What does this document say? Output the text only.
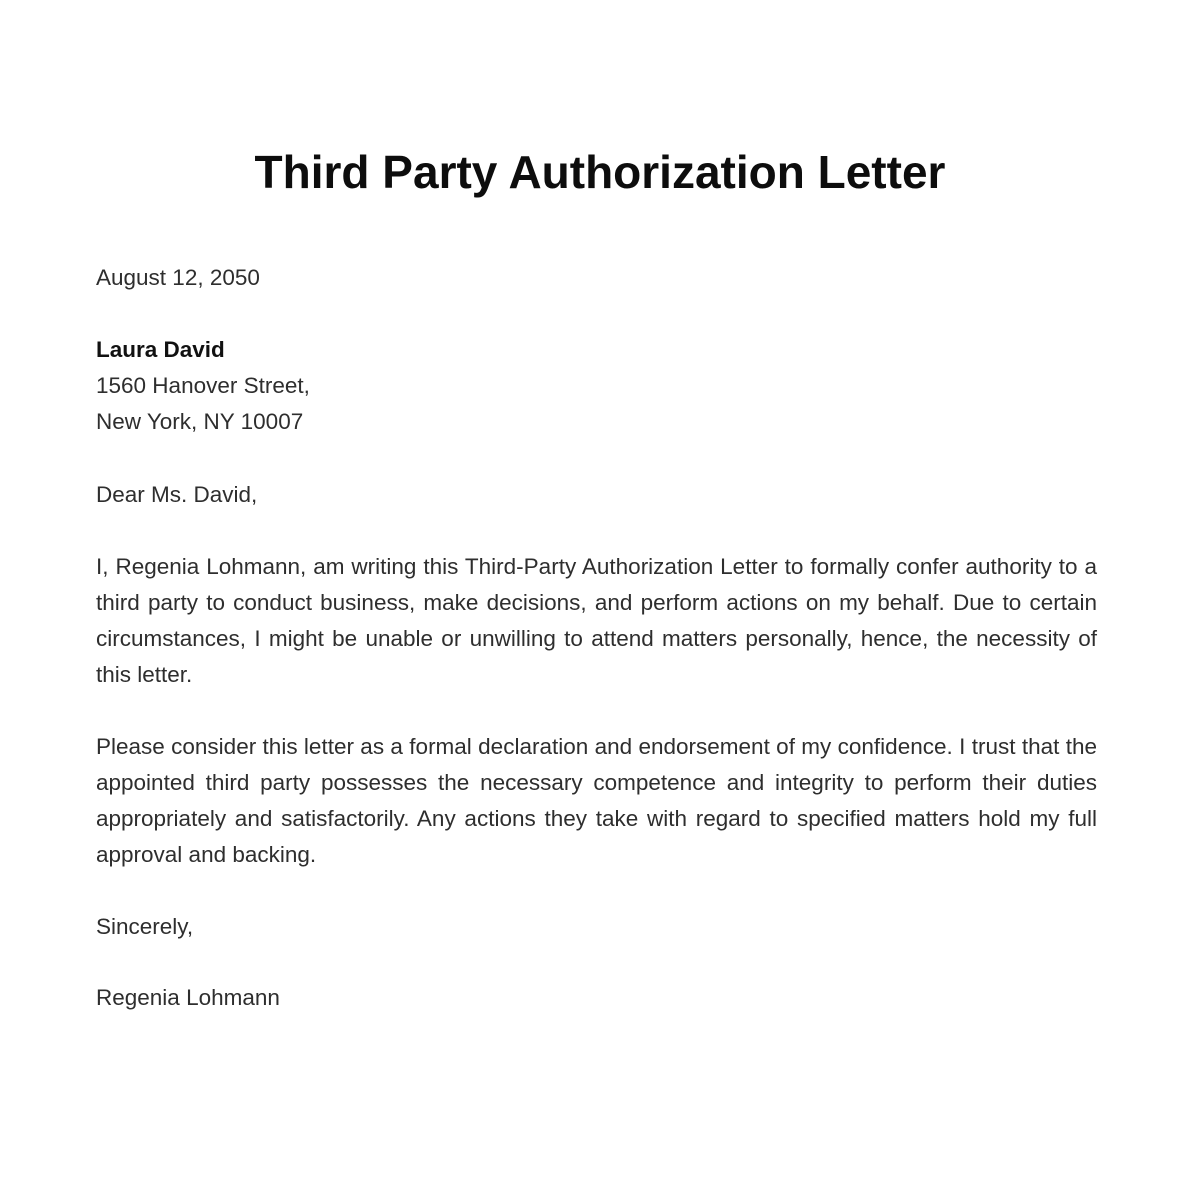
Third Party Authorization Letter

August 12, 2050

Laura David
1560 Hanover Street,
New York, NY 10007

Dear Ms. David,

I, Regenia Lohmann, am writing this Third-Party Authorization Letter to formally confer authority to a third party to conduct business, make decisions, and perform actions on my behalf. Due to certain circumstances, I might be unable or unwilling to attend matters personally, hence, the necessity of this letter.

Please consider this letter as a formal declaration and endorsement of my confidence. I trust that the appointed third party possesses the necessary competence and integrity to perform their duties appropriately and satisfactorily. Any actions they take with regard to specified matters hold my full approval and backing.

Sincerely,

Regenia Lohmann
